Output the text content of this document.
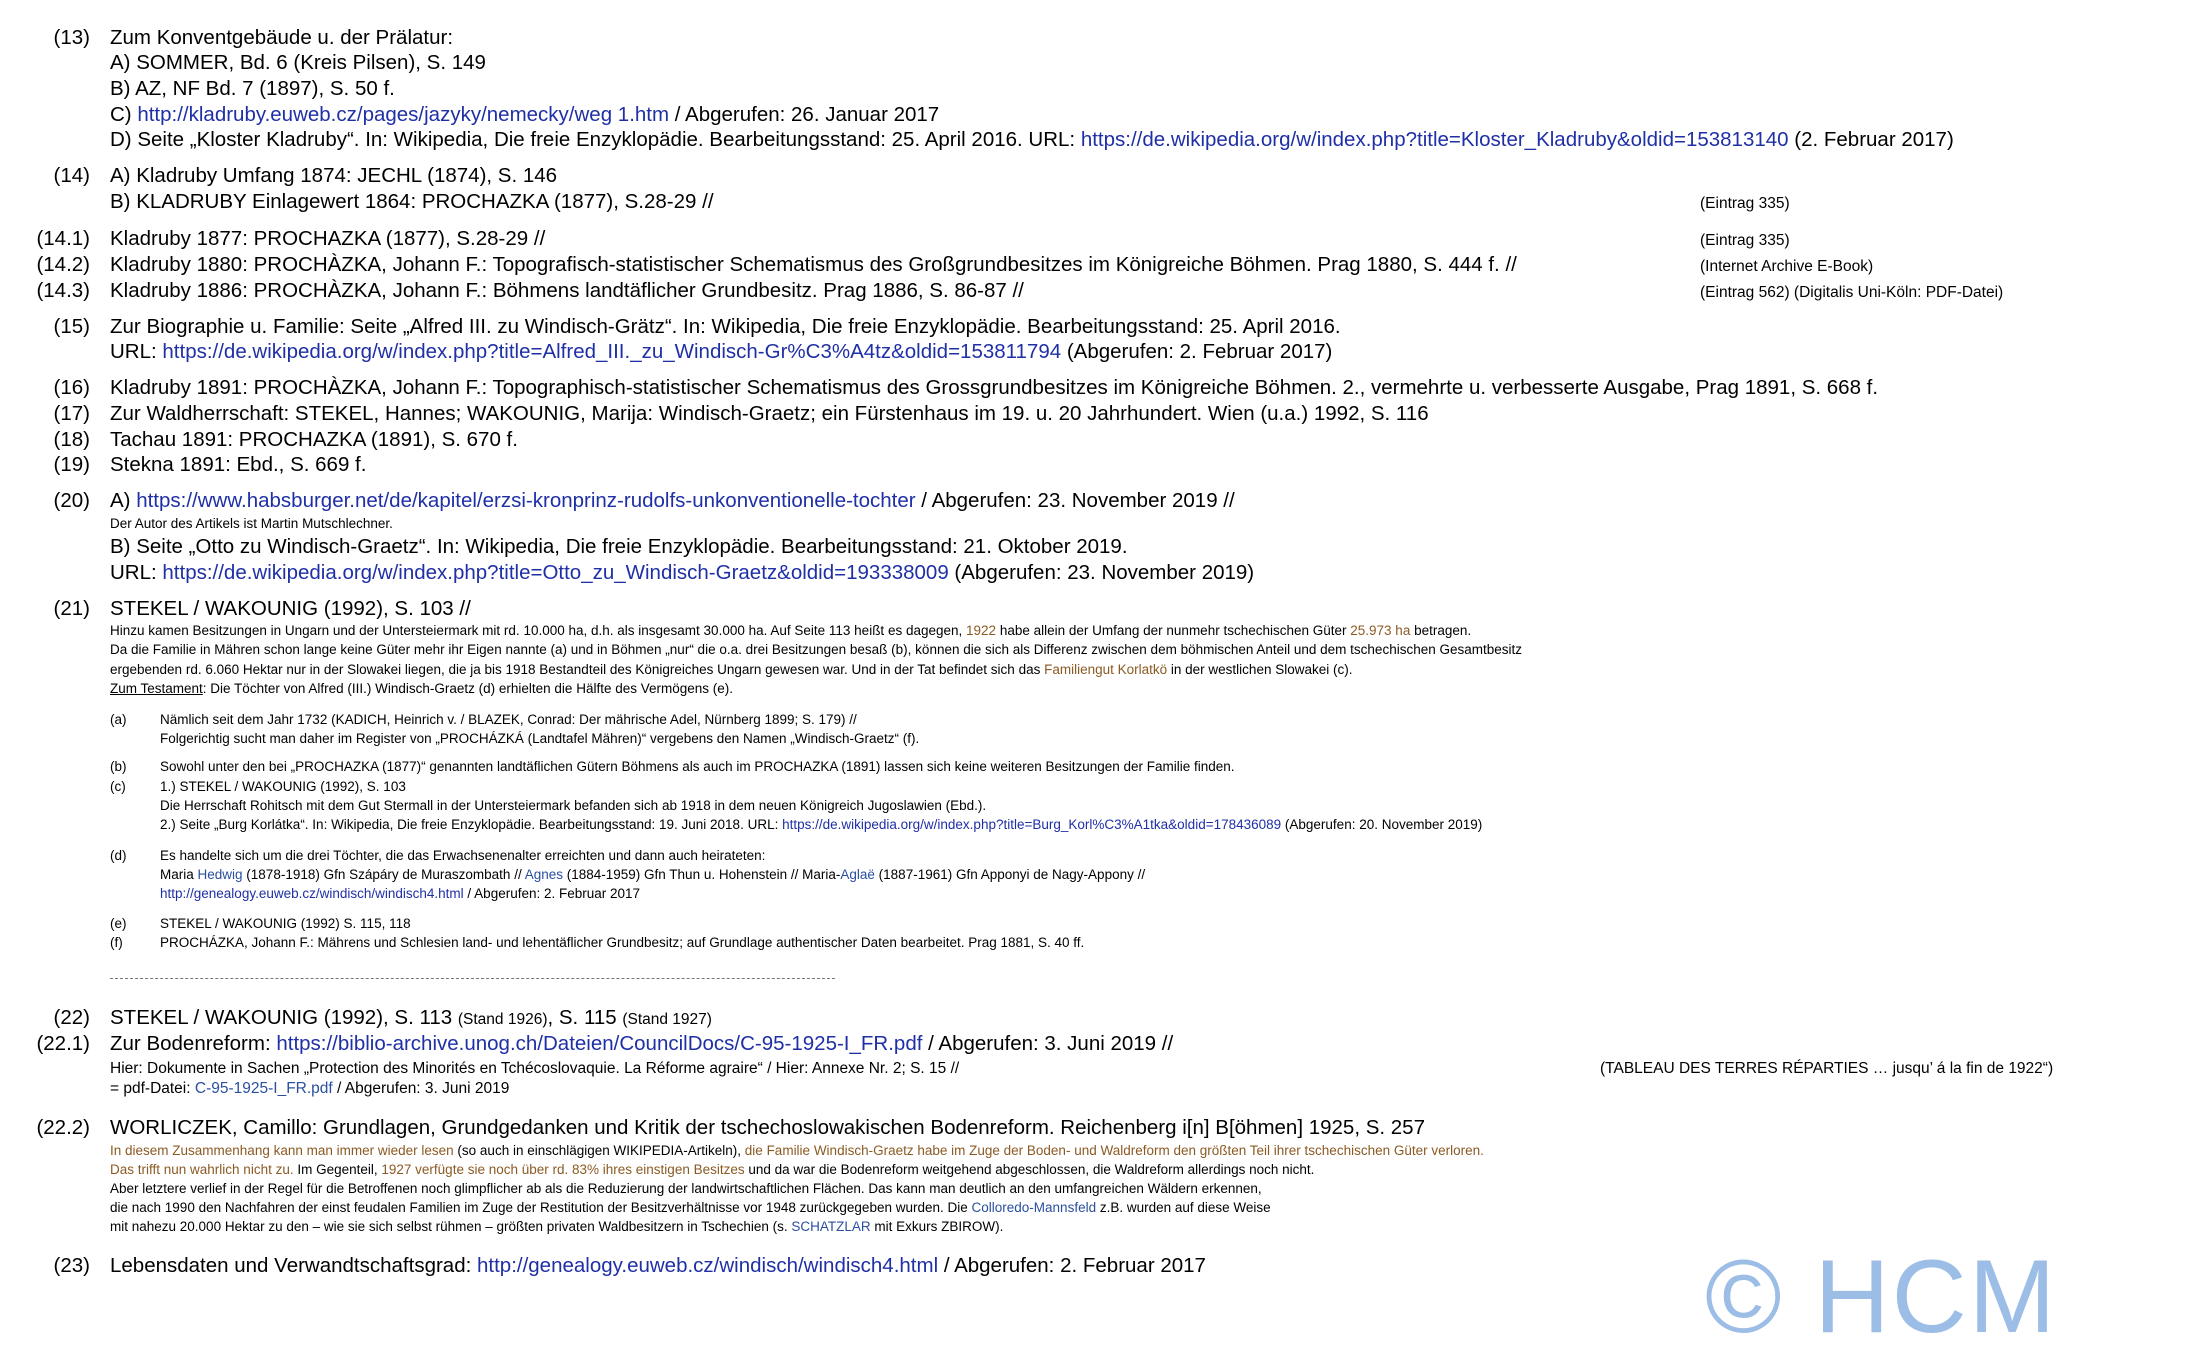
(13) Zum Konventgebäude u. der Prälatur:
A) SOMMER, Bd. 6 (Kreis Pilsen), S. 149
B) AZ, NF Bd. 7 (1897), S. 50 f.
C) http://kladruby.euweb.cz/pages/jazyky/nemecky/weg 1.htm / Abgerufen: 26. Januar 2017
D) Seite „Kloster Kladruby“. In: Wikipedia, Die freie Enzyklopädie. Bearbeitungsstand: 25. April 2016. URL: https://de.wikipedia.org/w/index.php?title=Kloster_Kladruby&oldid=153813140 (2. Februar 2017)
(14) A) Kladruby Umfang 1874: JECHL (1874), S. 146
B) KLADRUBY Einlagewert 1864: PROCHAZKA (1877), S.28-29 //	(Eintrag 335)
(14.1) Kladruby 1877: PROCHAZKA (1877), S.28-29 //	(Eintrag 335)
(14.2) Kladruby 1880: PROCHÀZKA, Johann F.: Topografisch-statistischer Schematismus des Großgrundbesitzes im Königreiche Böhmen. Prag 1880, S. 444 f. //	(Internet Archive E-Book)
(14.3) Kladruby 1886: PROCHÀZKA, Johann F.: Böhmens landtäflicher Grundbesitz. Prag 1886, S. 86-87 //	(Eintrag 562) (Digitalis Uni-Köln: PDF-Datei)
(15) Zur Biographie u. Familie: Seite „Alfred III. zu Windisch-Grätz“. In: Wikipedia, Die freie Enzyklopädie. Bearbeitungsstand: 25. April 2016.
URL: https://de.wikipedia.org/w/index.php?title=Alfred_III._zu_Windisch-Gr%C3%A4tz&oldid=153811794 (Abgerufen: 2. Februar 2017)
(16) Kladruby 1891: PROCHÀZKA, Johann F.: Topographisch-statistischer Schematismus des Grossgrundbesitzes im Königreiche Böhmen. 2., vermehrte u. verbesserte Ausgabe, Prag 1891, S. 668 f.
(17) Zur Waldherrschaft: STEKEL, Hannes; WAKOUNIG, Marija: Windisch-Graetz; ein Fürstenhaus im 19. u. 20 Jahrhundert. Wien (u.a.) 1992, S. 116
(18) Tachau 1891: PROCHAZKA (1891), S. 670 f.
(19) Stekna 1891: Ebd., S. 669 f.
(20) A) https://www.habsburger.net/de/kapitel/erzsi-kronprinz-rudolfs-unkonventionelle-tochter / Abgerufen: 23. November 2019 //
Der Autor des Artikels ist Martin Mutschlechner.
B) Seite „Otto zu Windisch-Graetz“. In: Wikipedia, Die freie Enzyklopädie. Bearbeitungsstand: 21. Oktober 2019.
URL: https://de.wikipedia.org/w/index.php?title=Otto_zu_Windisch-Graetz&oldid=193338009 (Abgerufen: 23. November 2019)
(21) STEKEL / WAKOUNIG (1992), S. 103 //
Hinzu kamen Besitzungen in Ungarn und der Untersteiermark mit rd. 10.000 ha, d.h. als insgesamt 30.000 ha. Auf Seite 113 heißt es dagegen, 1922 habe allein der Umfang der nunmehr tschechischen Güter 25.973 ha betragen.
Da die Familie in Mähren schon lange keine Güter mehr ihr Eigen nannte (a) und in Böhmen „nur“ die o.a. drei Besitzungen besaß (b), können die sich als Differenz zwischen dem böhmischen Anteil und dem tschechischen Gesamtbesitz
ergebenden rd. 6.060 Hektar nur in der Slowakei liegen, die ja bis 1918 Bestandteil des Königreiches Ungarn gewesen war. Und in der Tat befindet sich das Familiengut Korlatkö in der westlichen Slowakei (c).
Zum Testament: Die Töchter von Alfred (III.) Windisch-Graetz (d) erhielten die Hälfte des Vermögens (e).
(a) Nämlich seit dem Jahr 1732 (KADICH, Heinrich v. / BLAZEK, Conrad: Der mährische Adel, Nürnberg 1899; S. 179) //
Folgerichtig sucht man daher im Register von „PROCHÁZKÁ (Landtafel Mähren)“ vergebens den Namen „Windisch-Graetz“ (f).
(b) Sowohl unter den bei „PROCHAZKA (1877)“ genannten landtäflichen Gütern Böhmens als auch im PROCHAZKA (1891) lassen sich keine weiteren Besitzungen der Familie finden.
(c)	1.) STEKEL / WAKOUNIG (1992), S. 103
Die Herrschaft Rohitsch mit dem Gut Stermall in der Untersteiermark befanden sich ab 1918 in dem neuen Königreich Jugoslawien (Ebd.).
2.) Seite „Burg Korlátka“. In: Wikipedia, Die freie Enzyklopädie. Bearbeitungsstand: 19. Juni 2018. URL: https://de.wikipedia.org/w/index.php?title=Burg_Korl%C3%A1tka&oldid=178436089 (Abgerufen: 20. November 2019)
(d) Es handelte sich um die drei Töchter, die das Erwachsenenalter erreichten und dann auch heirateten:
Maria Hedwig (1878-1918) Gfn Szápáry de Muraszombath // Agnes (1884-1959) Gfn Thun u. Hohenstein // Maria-Aglaë (1887-1961) Gfn Apponyi de Nagy-Appony //
http://genealogy.euweb.cz/windisch/windisch4.html / Abgerufen: 2. Februar 2017
(e) STEKEL / WAKOUNIG (1992) S. 115, 118
(f)	PROCHÁZKA, Johann F.: Mährens und Schlesien land- und lehentäflicher Grundbesitz; auf Grundlage authentischer Daten bearbeitet. Prag 1881, S. 40 ff.
(22) STEKEL / WAKOUNIG (1992), S. 113 (Stand 1926), S. 115 (Stand 1927)
(22.1) Zur Bodenreform: https://biblio-archive.unog.ch/Dateien/CouncilDocs/C-95-1925-I_FR.pdf / Abgerufen: 3. Juni 2019 //
Hier: Dokumente in Sachen „Protection des Minorités en Tchécoslovaquie. La Réforme agraire“ / Hier: Annexe Nr. 2; S. 15 //	(TABLEAU DES TERRES RÉPARTIES … jusqu’ á la fin de 1922“)
= pdf-Datei: C-95-1925-I_FR.pdf / Abgerufen: 3. Juni 2019
(22.2) WORLICZEK, Camillo: Grundlagen, Grundgedanken und Kritik der tschechoslowakischen Bodenreform. Reichenberg i[n] B[öhmen] 1925, S. 257
In diesem Zusammenhang kann man immer wieder lesen (so auch in einschlägigen WIKIPEDIA-Artikeln), die Familie Windisch-Graetz habe im Zuge der Boden- und Waldreform den größten Teil ihrer tschechischen Güter verloren.
Das trifft nun wahrlich nicht zu. Im Gegenteil, 1927 verfügte sie noch über rd. 83% ihres einstigen Besitzes und da war die Bodenreform weitgehend abgeschlossen, die Waldreform allerdings noch nicht.
Aber letztere verlief in der Regel für die Betroffenen noch glimpflicher ab als die Reduzierung der landwirtschaftlichen Flächen. Das kann man deutlich an den umfangreichen Wäldern erkennen,
die nach 1990 den Nachfahren der einst feudalen Familien im Zuge der Restitution der Besitzverhältnisse vor 1948 zurückgegeben wurden. Die Colloredo-Mannsfeld z.B. wurden auf diese Weise
mit nahezu 20.000 Hektar zu den – wie sie sich selbst rühmen – größten privaten Waldbesitzern in Tschechien (s. SCHATZLAR mit Exkurs ZBIROW).
(23) Lebensdaten und Verwandtschaftsgrad: http://genealogy.euweb.cz/windisch/windisch4.html / Abgerufen: 2. Februar 2017	© HCM
